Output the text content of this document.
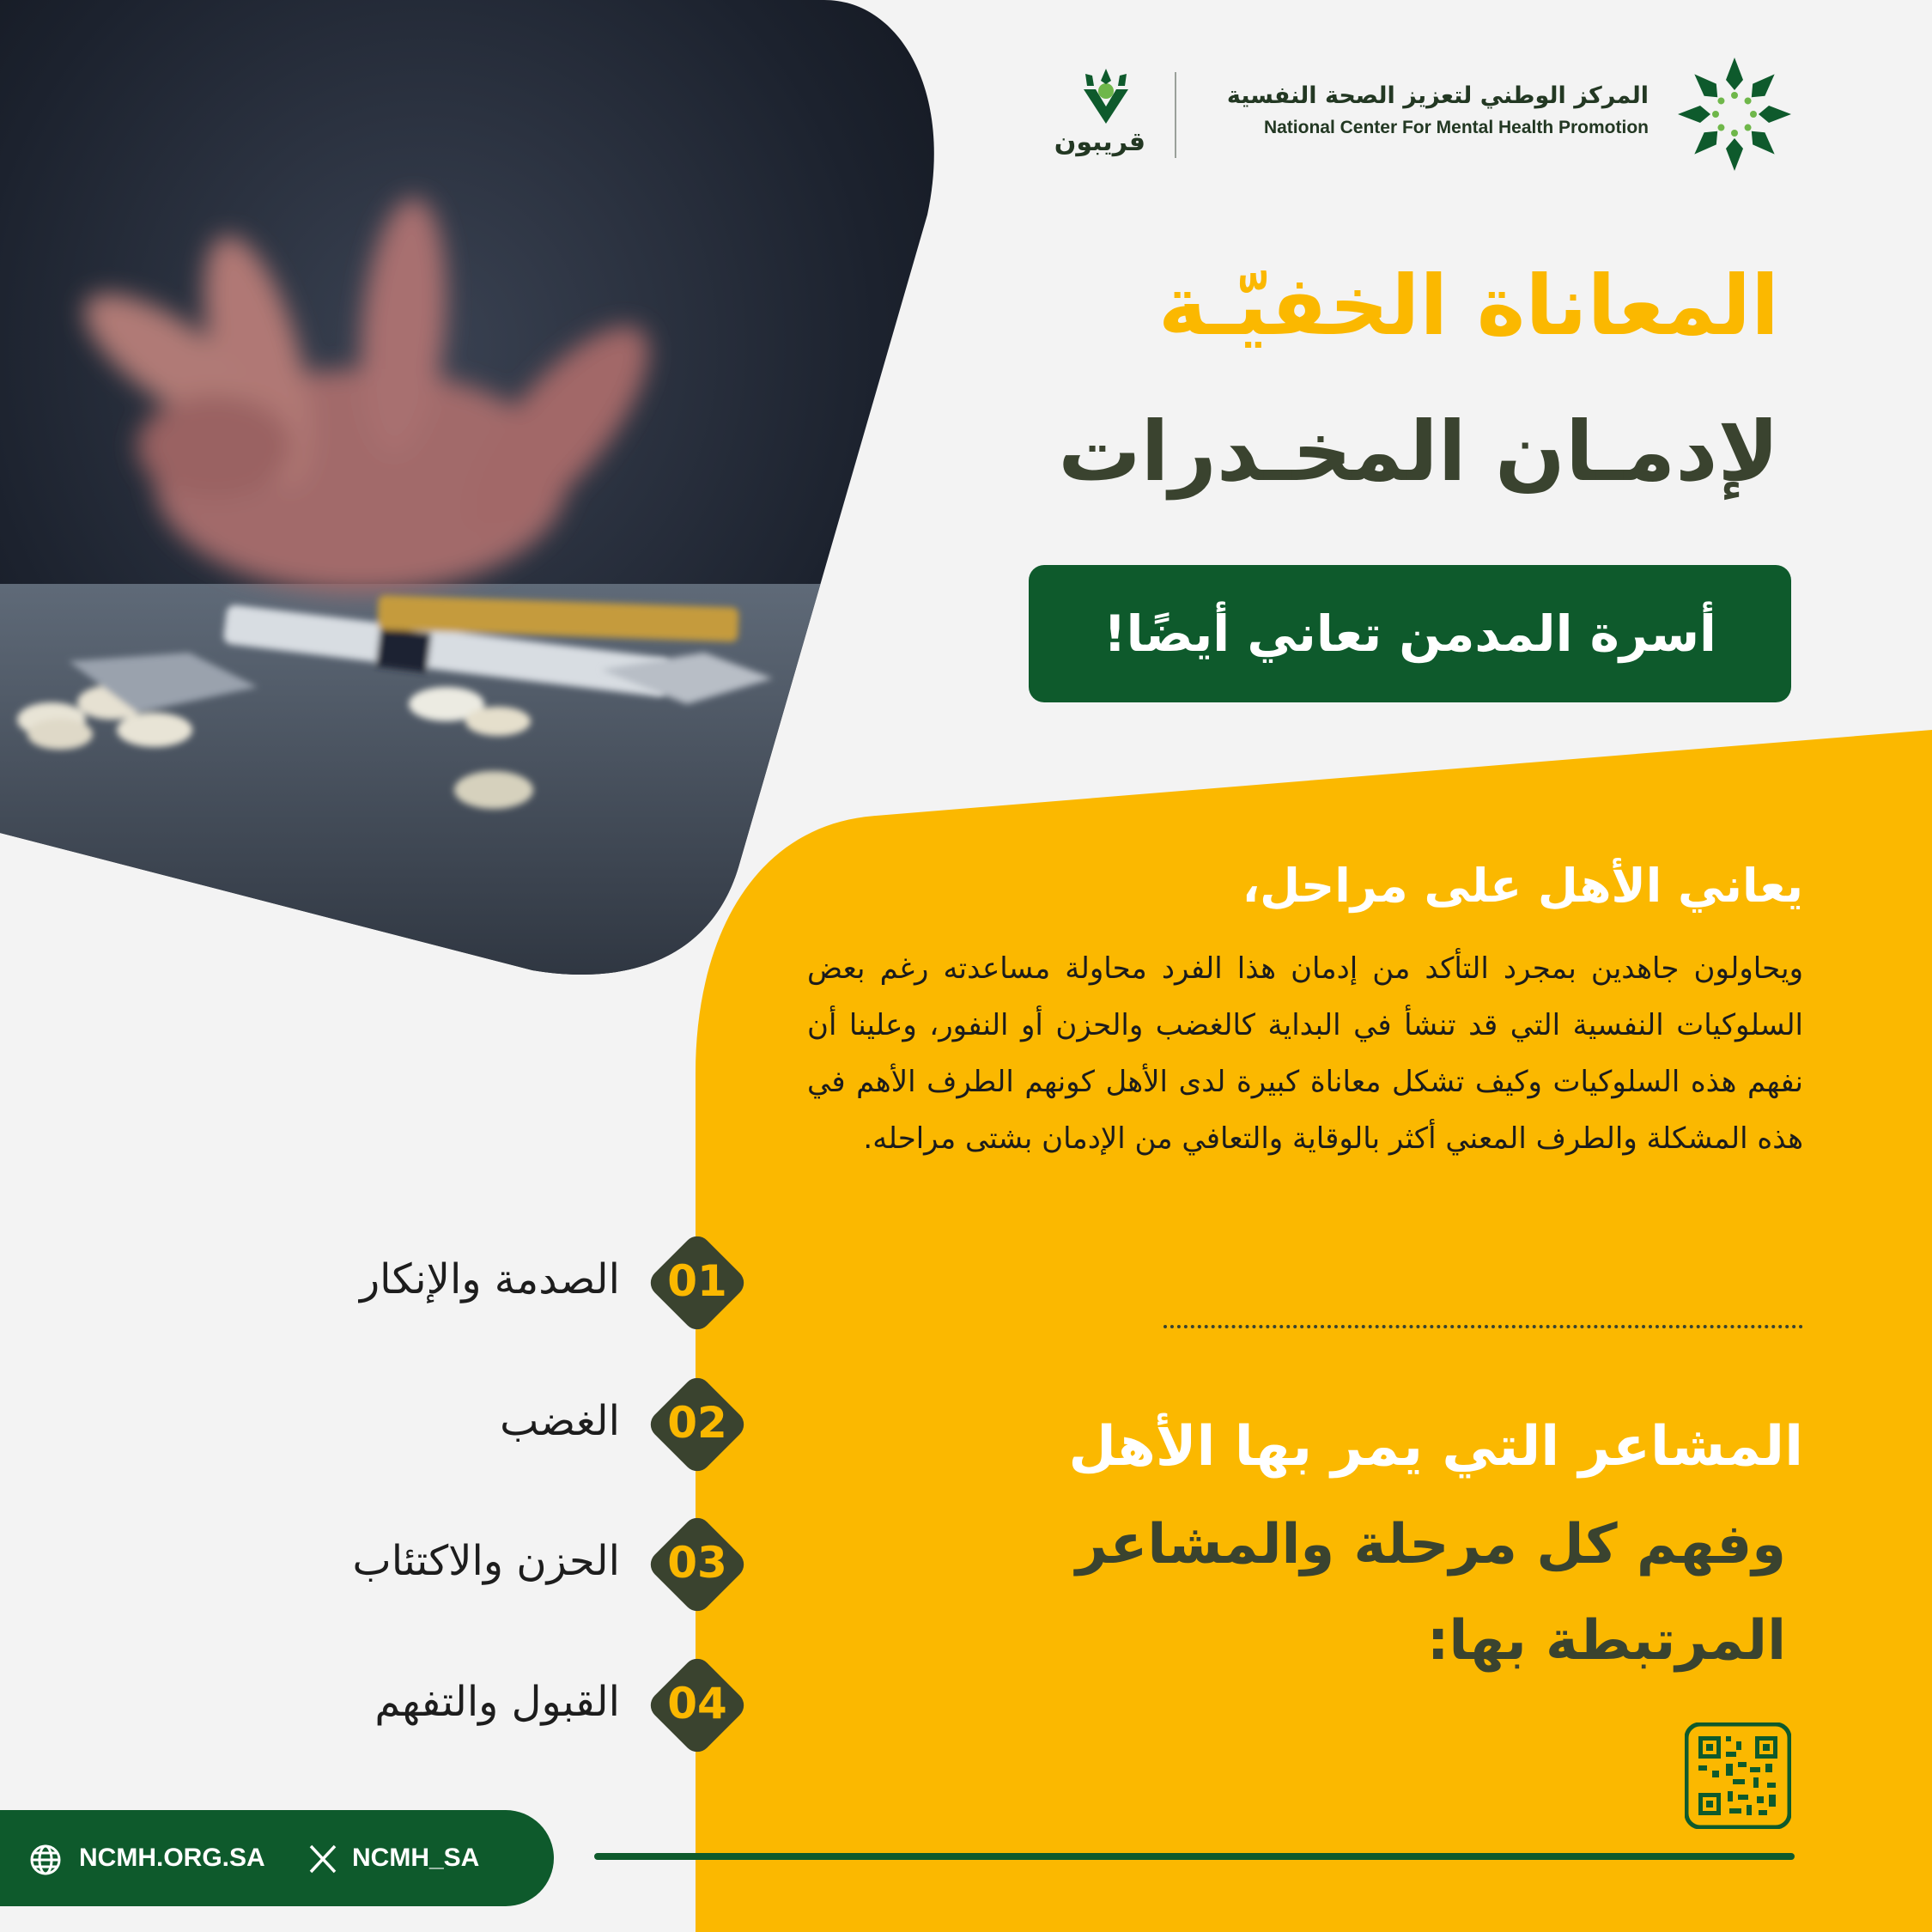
المركز الوطني لتعزيز الصحة النفسية
National Center For Mental Health Promotion
قريبون
المعاناة الخفيّـة
لإدمـان المخـدرات
أسرة المدمن تعاني أيضًا!
يعاني الأهل على مراحل،
ويحاولون جاهدين بمجرد التأكد من إدمان هذا الفرد محاولة مساعدته رغم بعض السلوكيات النفسية التي قد تنشأ في البداية كالغضب والحزن أو النفور، وعلينا أن نفهم هذه السلوكيات وكيف تشكل معاناة كبيرة لدى الأهل كونهم الطرف الأهم في هذه المشكلة والطرف المعني أكثر بالوقاية والتعافي من الإدمان بشتى مراحله.
المشاعر التي يمر بها الأهل
وفهم كل مرحلة والمشاعر
المرتبطة بها:
الصدمة والإنكار	01
الغضب	02
الحزن والاكتئاب	03
القبول والتفهم	04
NCMH.ORG.SA	NCMH_SA
